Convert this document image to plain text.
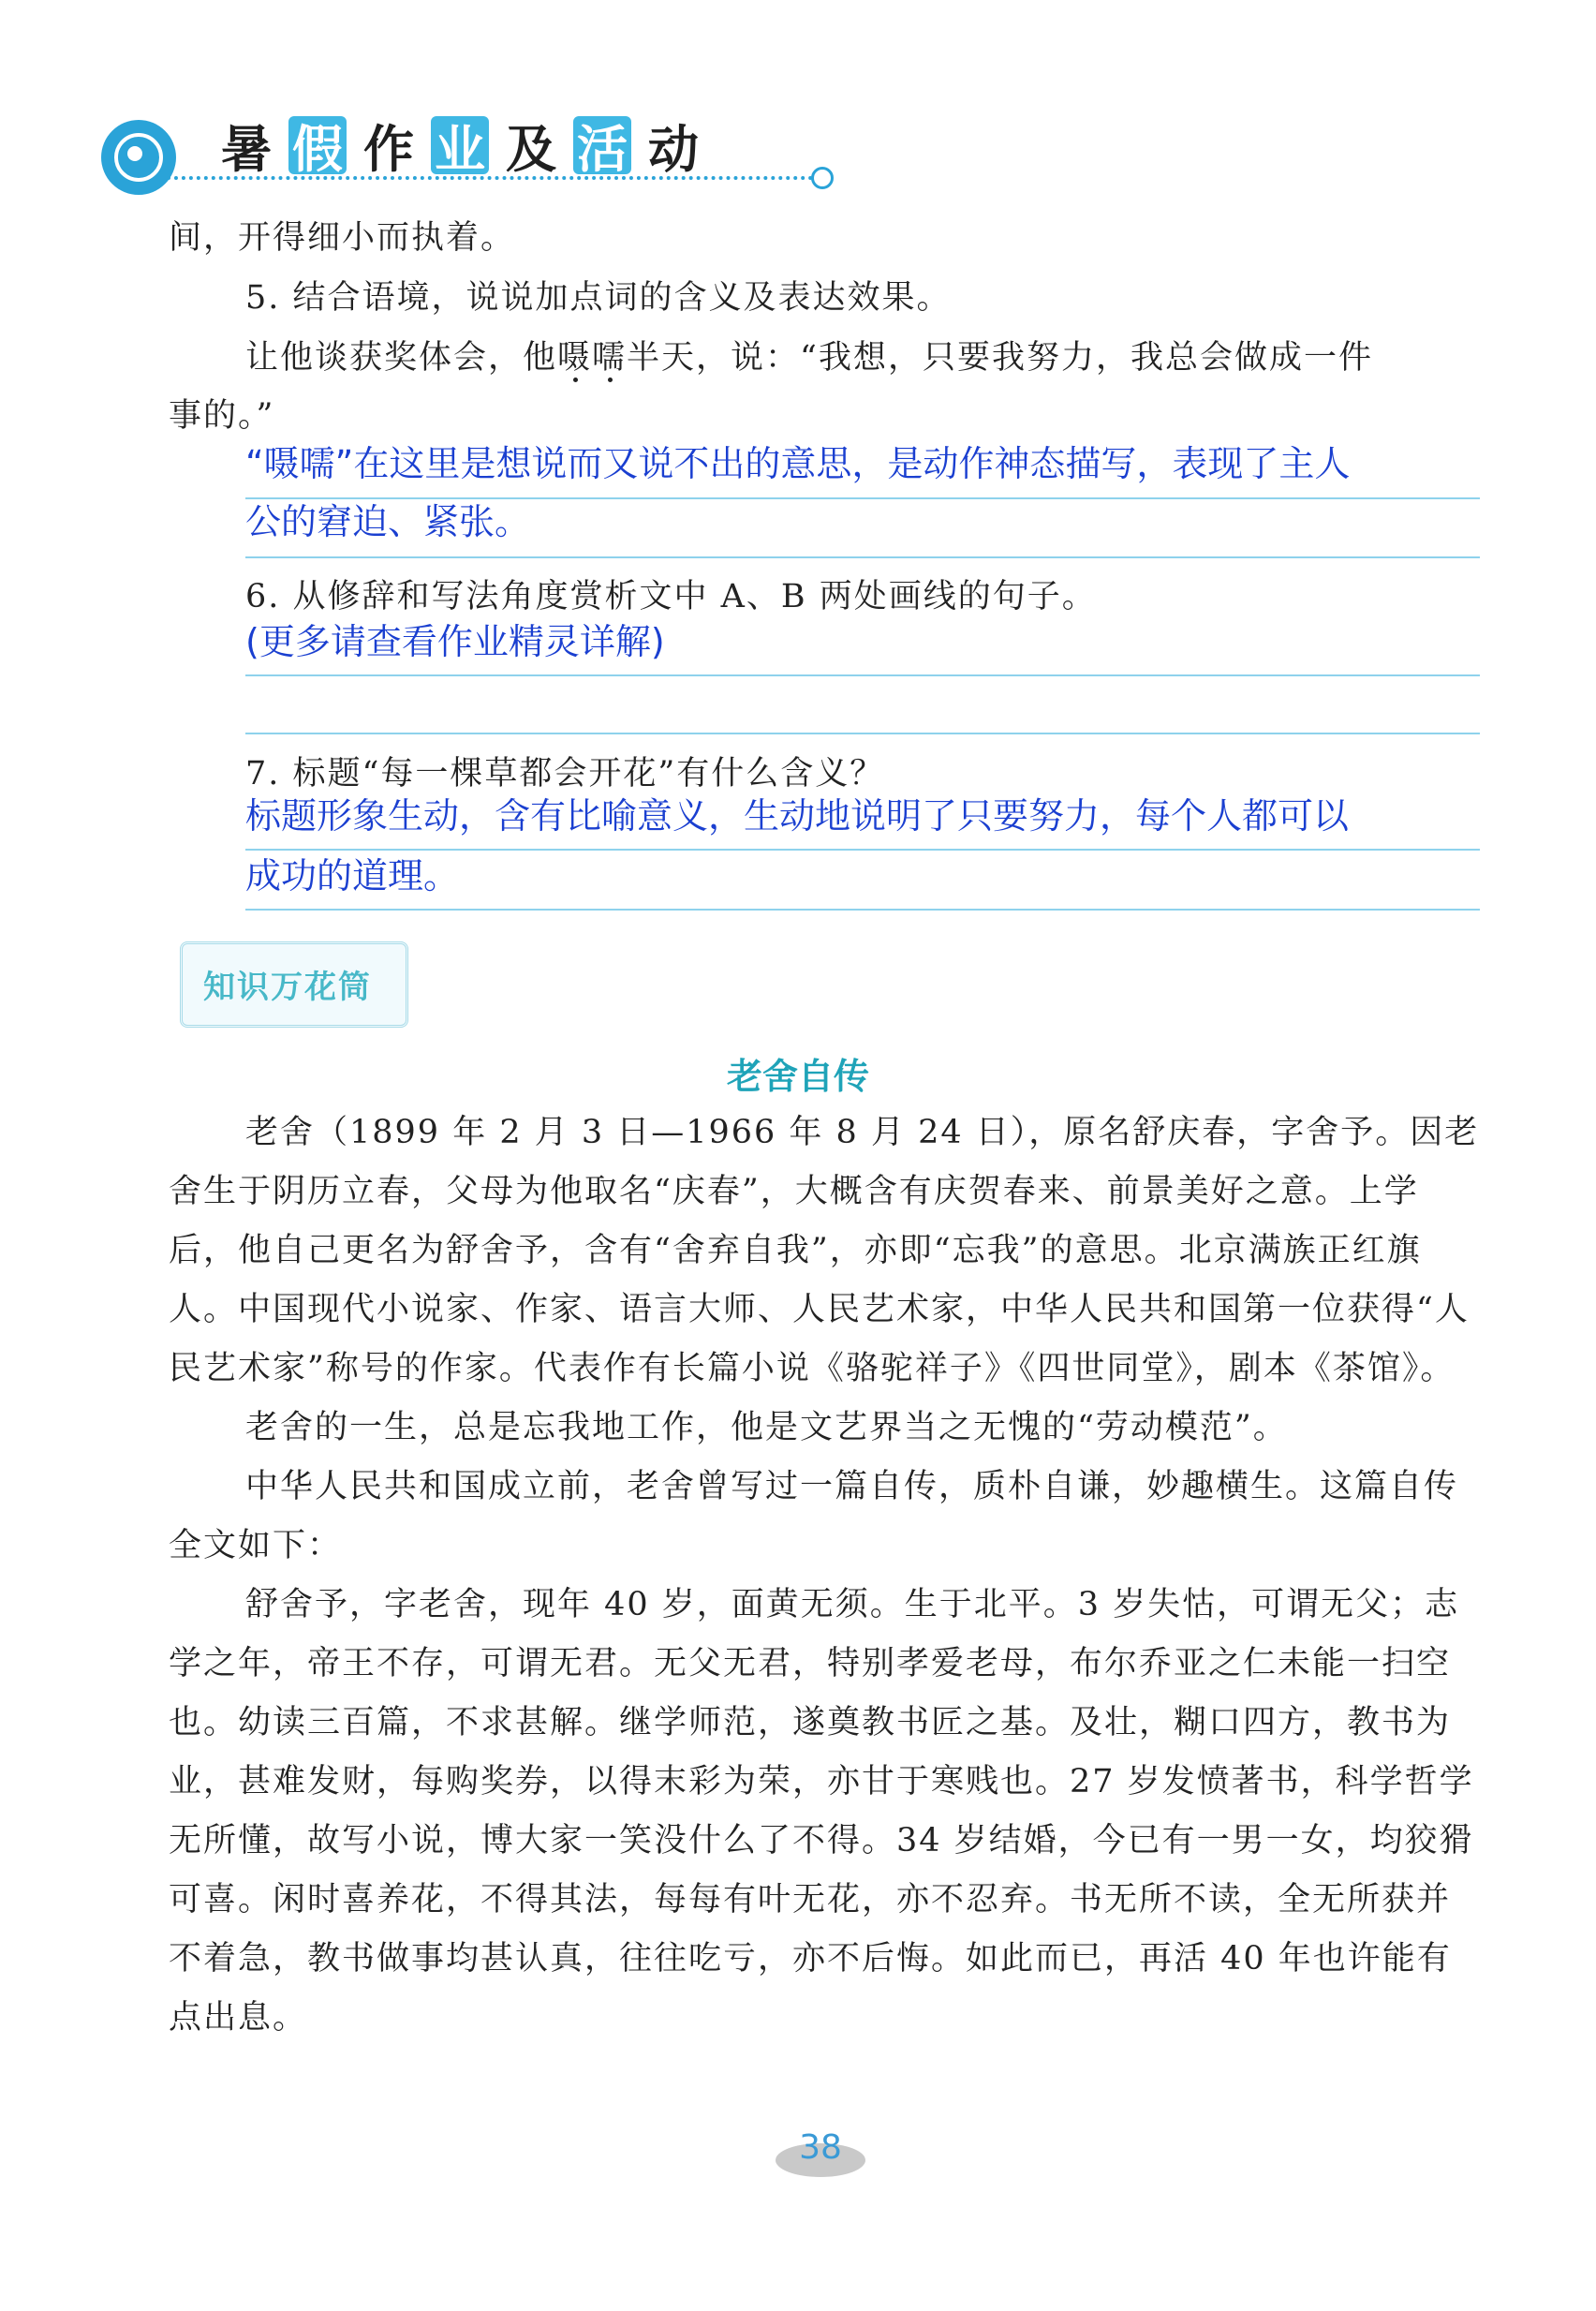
暑 假 作 业 及 活 动
间，开得细小而执着。
5. 结合语境，说说加点词的含义及表达效果。
让他谈获奖体会，他嗫嚅半天，说：“我想，只要我努力，我总会做成一件
事的。”
“嗫嚅”在这里是想说而又说不出的意思，是动作神态描写，表现了主人
公的窘迫、紧张。
6. 从修辞和写法角度赏析文中 A、B 两处画线的句子。
(更多请查看作业精灵详解)
7. 标题“每一棵草都会开花”有什么含义？
标题形象生动，含有比喻意义，生动地说明了只要努力，每个人都可以
成功的道理。
知识万花筒
老舍自传

老舍（1899 年 2 月 3 日—1966 年 8 月 24 日），原名舒庆春，字舍予。因老舍生于阴历立春，父母为他取名“庆春”，大概含有庆贺春来、前景美好之意。上学后，他自己更名为舒舍予，含有“舍弃自我”，亦即“忘我”的意思。北京满族正红旗人。中国现代小说家、作家、语言大师、人民艺术家，中华人民共和国第一位获得“人民艺术家”称号的作家。代表作有长篇小说《骆驼祥子》《四世同堂》，剧本《茶馆》。

老舍的一生，总是忘我地工作，他是文艺界当之无愧的“劳动模范”。

中华人民共和国成立前，老舍曾写过一篇自传，质朴自谦，妙趣横生。这篇自传全文如下：

舒舍予，字老舍，现年 40 岁，面黄无须。生于北平。3 岁失怙，可谓无父；志学之年，帝王不存，可谓无君。无父无君，特别孝爱老母，布尔乔亚之仁未能一扫空也。幼读三百篇，不求甚解。继学师范，遂奠教书匠之基。及壮，糊口四方，教书为业，甚难发财，每购奖券，以得末彩为荣，亦甘于寒贱也。27 岁发愤著书，科学哲学无所懂，故写小说，博大家一笑没什么了不得。34 岁结婚，今已有一男一女，均狡猾可喜。闲时喜养花，不得其法，每每有叶无花，亦不忍弃。书无所不读，全无所获并不着急，教书做事均甚认真，往往吃亏，亦不后悔。如此而已，再活 40 年也许能有点出息。

38
